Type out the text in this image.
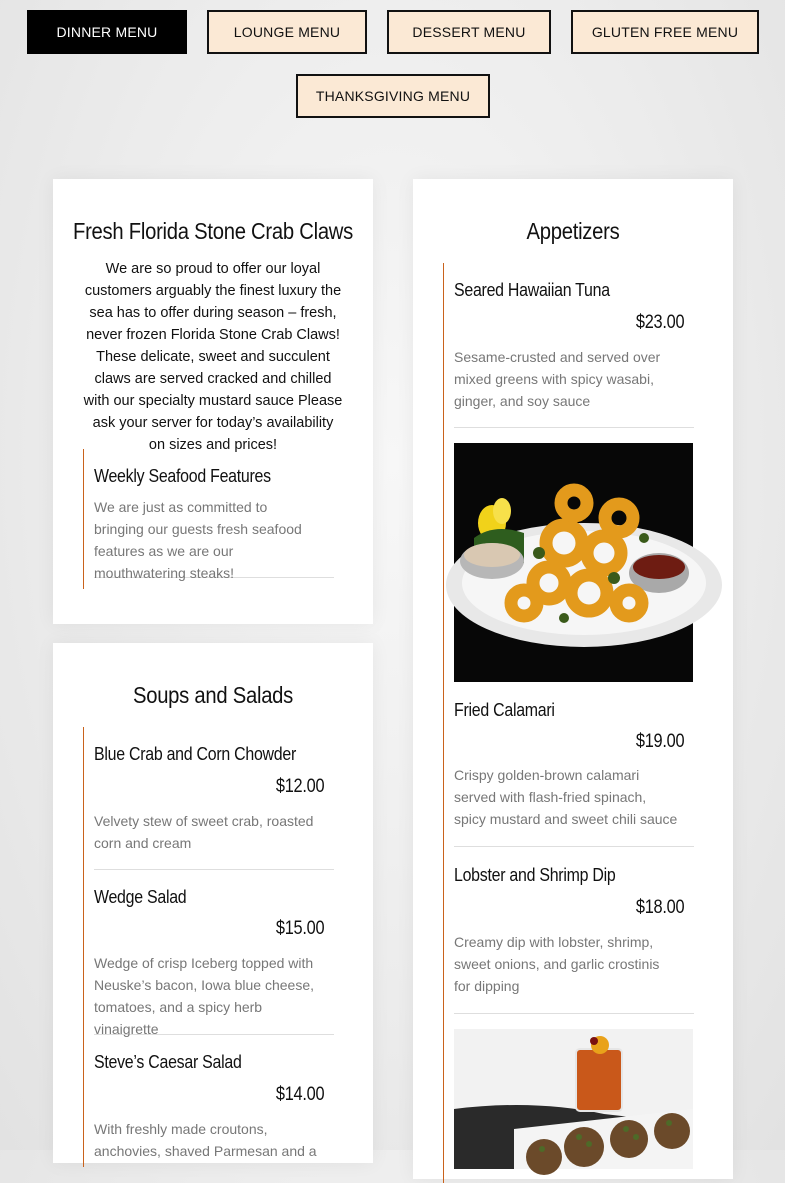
DINNER MENU	LOUNGE MENU	DESSERT MENU	GLUTEN FREE MENU
THANKSGIVING MENU
Fresh Florida Stone Crab Claws
We are so proud to offer our loyal customers arguably the finest luxury the sea has to offer during season – fresh, never frozen Florida Stone Crab Claws! These delicate, sweet and succulent claws are served cracked and chilled with our specialty mustard sauce Please ask your server for today’s availability on sizes and prices!
Weekly Seafood Features
We are just as committed to bringing our guests fresh seafood features as we are our mouthwatering steaks!
Soups and Salads
Blue Crab and Corn Chowder
$12.00
Velvety stew of sweet crab, roasted corn and cream
Wedge Salad
$15.00
Wedge of crisp Iceberg topped with Neuske’s bacon, Iowa blue cheese, tomatoes, and a spicy herb vinaigrette
Steve’s Caesar Salad
$14.00
With freshly made croutons, anchovies, shaved Parmesan and a
Appetizers
Seared Hawaiian Tuna
$23.00
Sesame-crusted and served over mixed greens with spicy wasabi, ginger, and soy sauce
Fried Calamari
$19.00
Crispy golden-brown calamari served with flash-fried spinach, spicy mustard and sweet chili sauce
Lobster and Shrimp Dip
$18.00
Creamy dip with lobster, shrimp, sweet onions, and garlic crostinis for dipping
